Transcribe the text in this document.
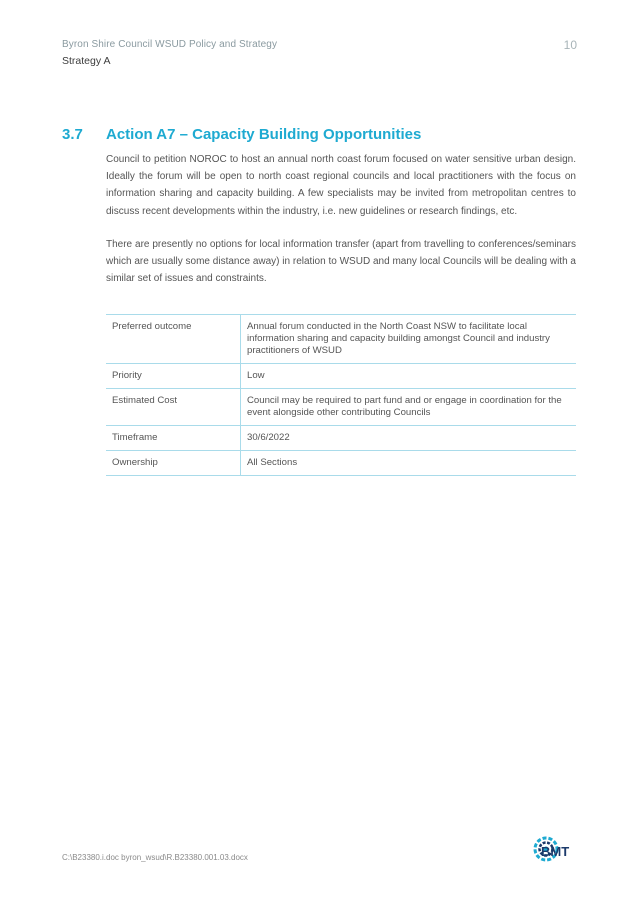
Byron Shire Council WSUD Policy and Strategy
Strategy A
10
3.7 Action A7 – Capacity Building Opportunities
Council to petition NOROC to host an annual north coast forum focused on water sensitive urban design. Ideally the forum will be open to north coast regional councils and local practitioners with the focus on information sharing and capacity building. A few specialists may be invited from metropolitan centres to discuss recent developments within the industry, i.e. new guidelines or research findings, etc.
There are presently no options for local information transfer (apart from travelling to conferences/seminars which are usually some distance away) in relation to WSUD and many local Councils will be dealing with a similar set of issues and constraints.
Preferred outcome	Annual forum conducted in the North Coast NSW to facilitate local information sharing and capacity building amongst Council and industry practitioners of WSUD
Priority	Low
Estimated Cost	Council may be required to part fund and or engage in coordination for the event alongside other contributing Councils
Timeframe	30/6/2022
Ownership	All Sections
C:\B23380.i.doc byron_wsud\R.B23380.001.03.docx	BMT
